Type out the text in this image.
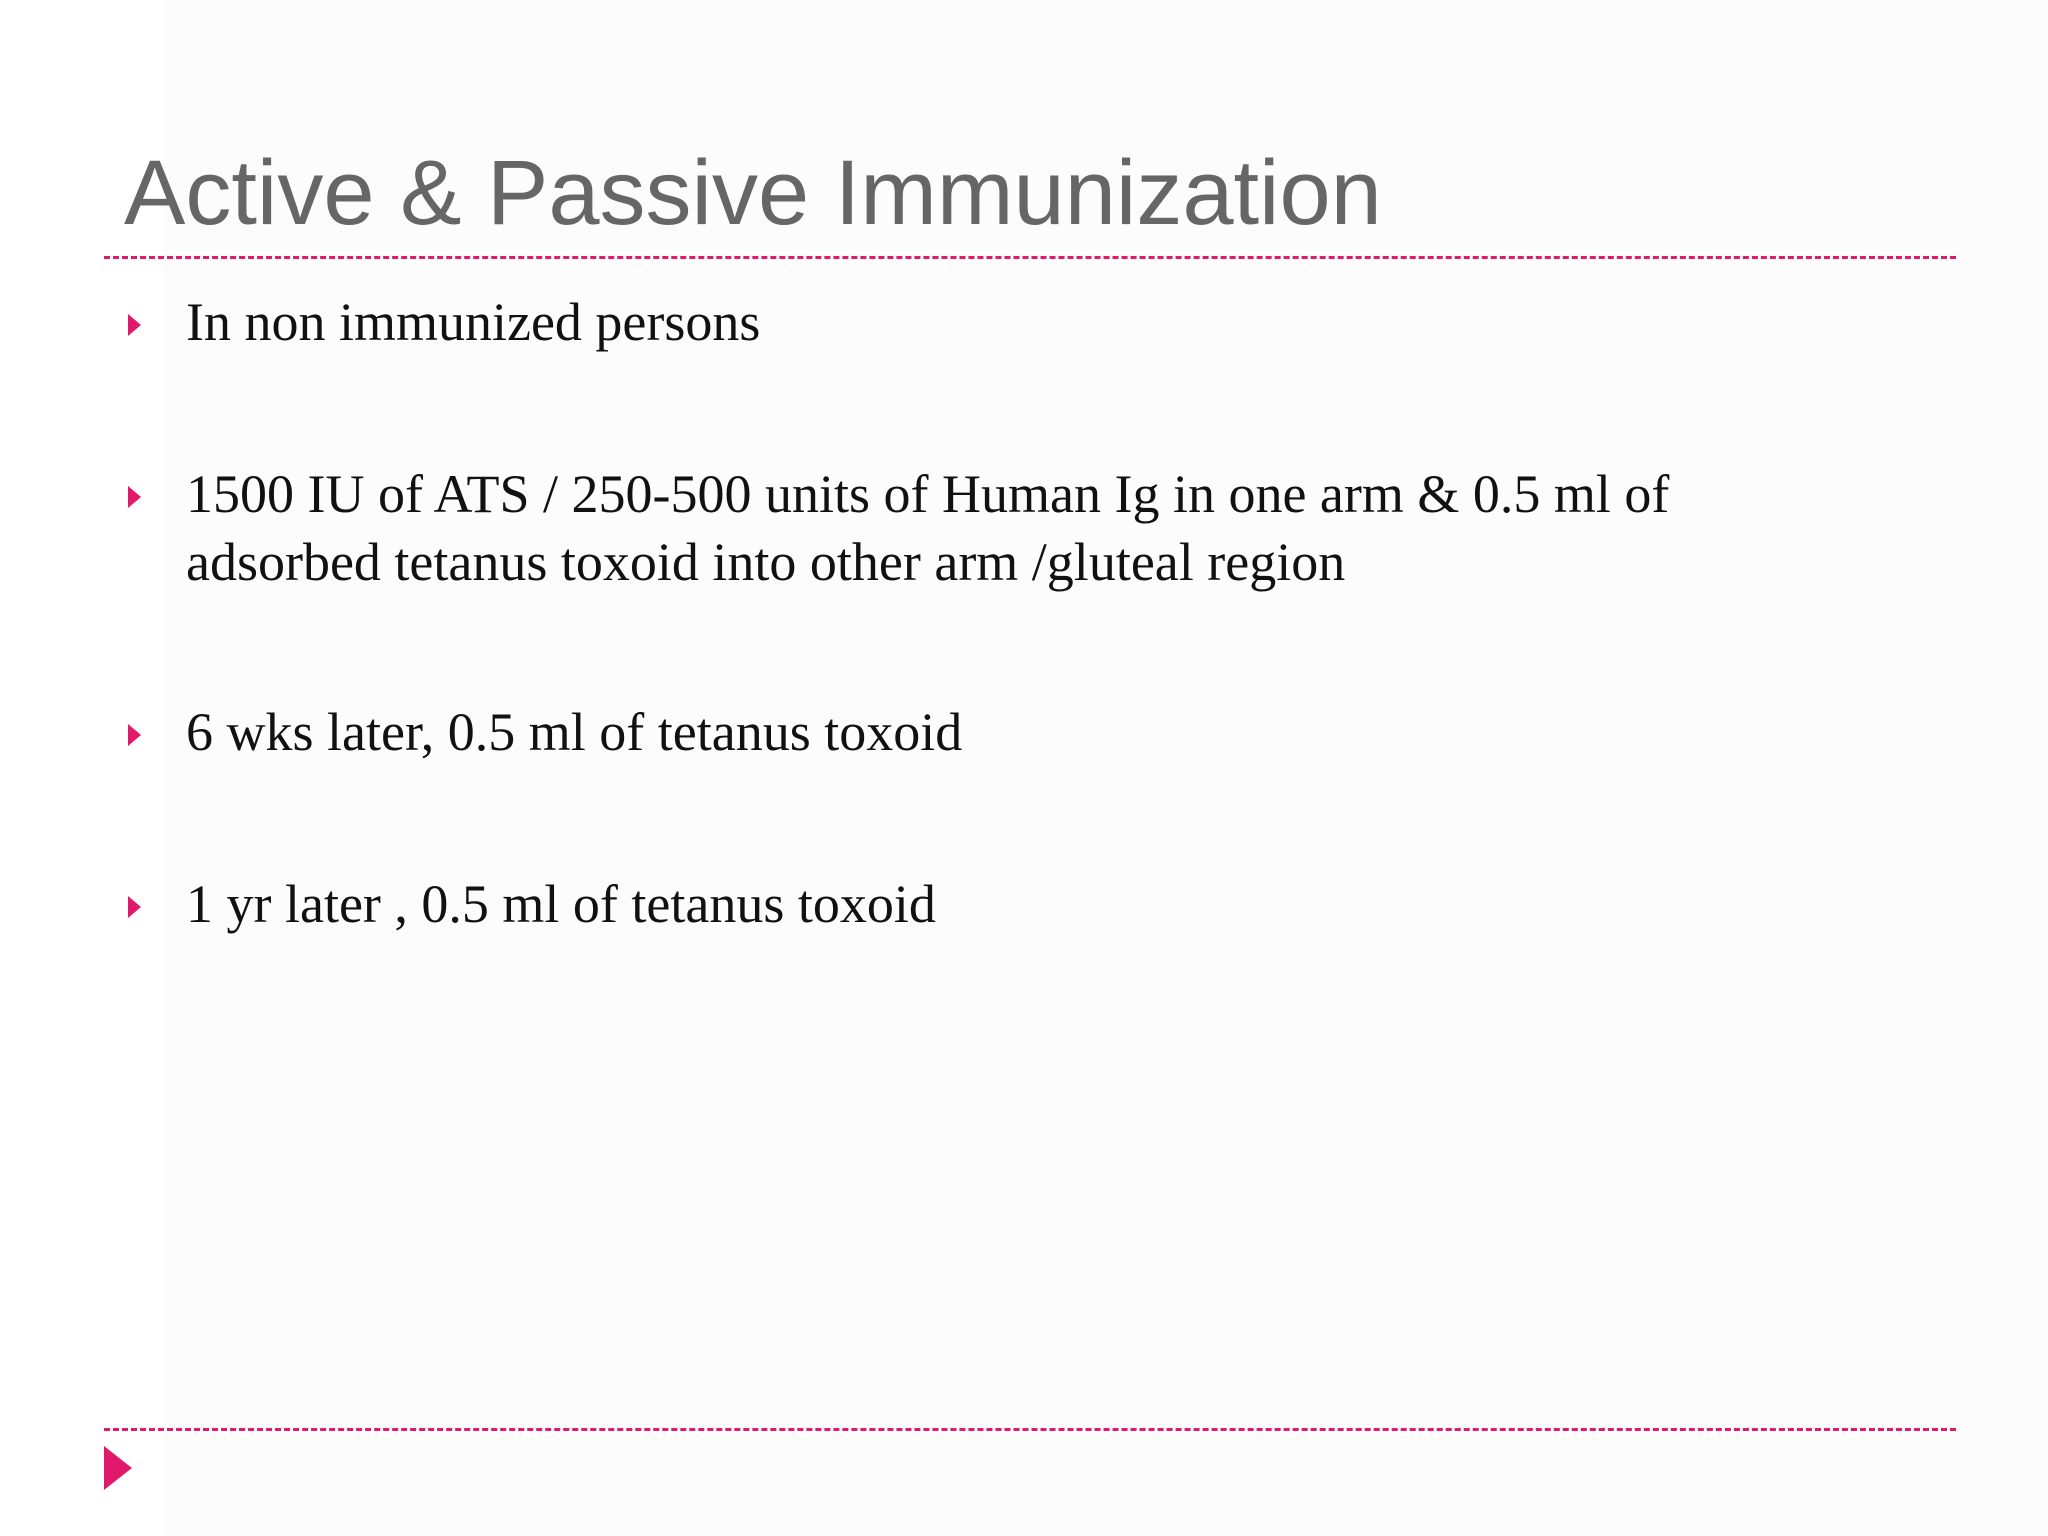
Active & Passive Immunization
In non immunized persons
1500 IU of ATS / 250-500 units of Human Ig in one arm & 0.5 ml of adsorbed tetanus toxoid into other arm /gluteal region
6 wks later, 0.5 ml of tetanus toxoid
1 yr later , 0.5 ml of tetanus toxoid
